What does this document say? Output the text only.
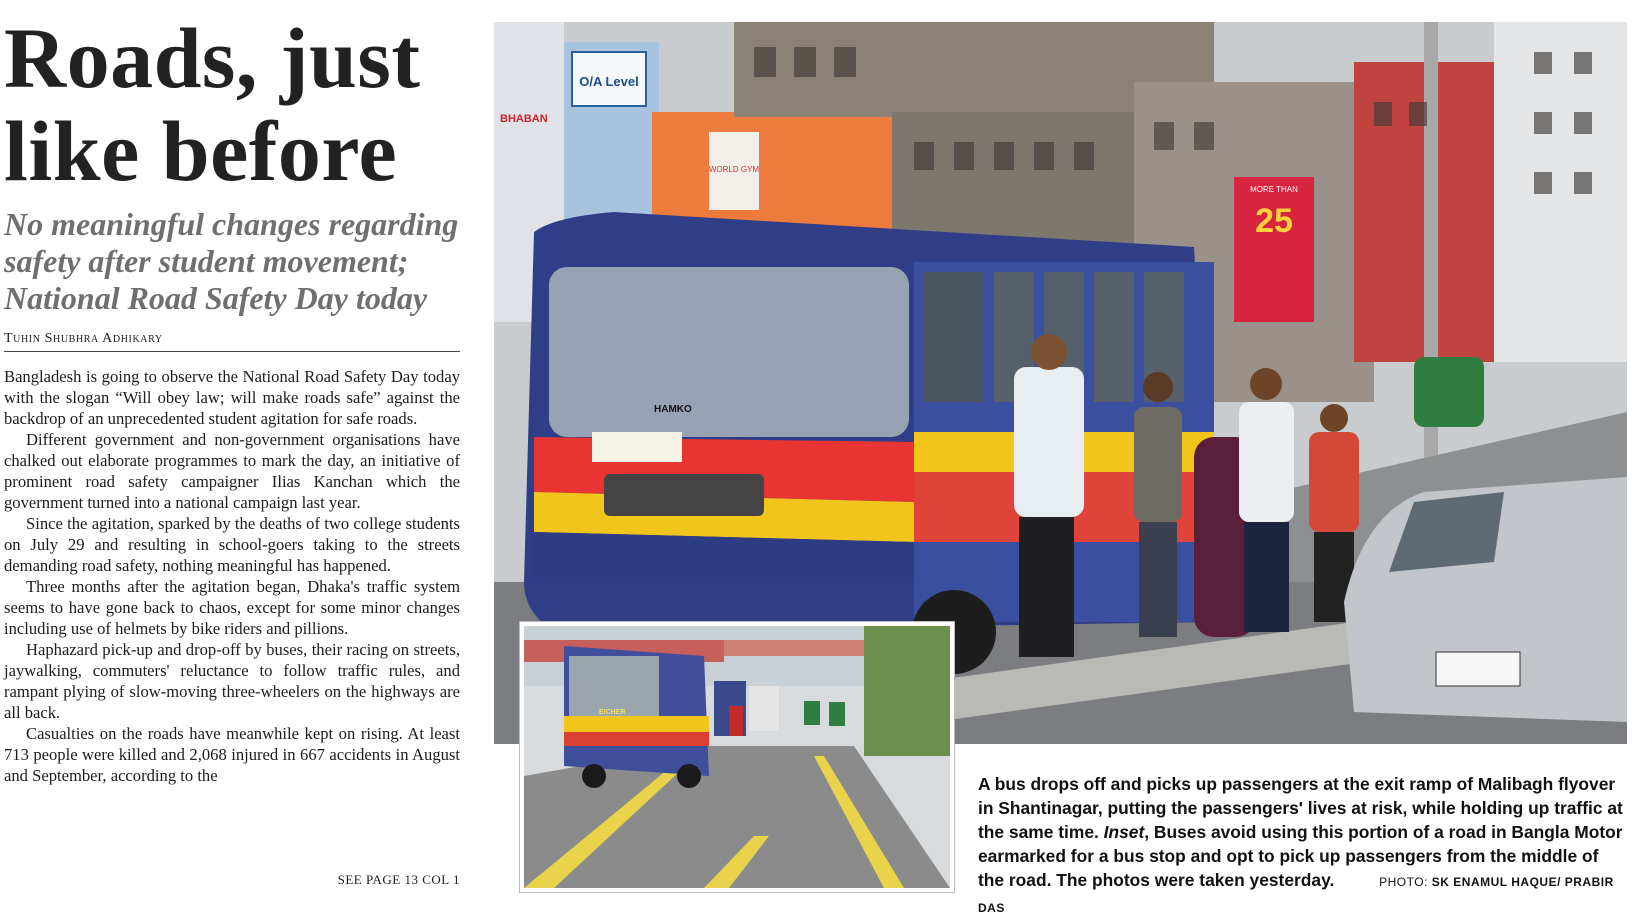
Roads, just like before
No meaningful changes regarding safety after student movement; National Road Safety Day today
Tuhin Shubhra Adhikary

Bangladesh is going to observe the National Road Safety Day today with the slogan “Will obey law; will make roads safe” against the backdrop of an unprecedented student agitation for safe roads.

Different government and non-government organisations have chalked out elaborate programmes to mark the day, an initiative of prominent road safety campaigner Ilias Kanchan which the government turned into a national campaign last year.

Since the agitation, sparked by the deaths of two college students on July 29 and resulting in school-goers taking to the streets demanding road safety, nothing meaningful has happened.

Three months after the agitation began, Dhaka's traffic system seems to have gone back to chaos, except for some minor changes including use of helmets by bike riders and pillions.

Haphazard pick-up and drop-off by buses, their racing on streets, jaywalking, commuters' reluctance to follow traffic rules, and rampant plying of slow-moving three-wheelers on the highways are all back.

Casualties on the roads have meanwhile kept on rising. At least 713 people were killed and 2,068 injured in 667 accidents in August and September, according to the

SEE PAGE 13 COL 1
O/A Level
BHABAN
WORLD GYM
MORE THAN
25
HAMKO
EICHER
A bus drops off and picks up passengers at the exit ramp of Malibagh flyover in Shantinagar, putting the passengers' lives at risk, while holding up traffic at the same time. Inset, Buses avoid using this portion of a road in Bangla Motor earmarked for a bus stop and opt to pick up passengers from the middle of the road. The photos were taken yesterday.	PHOTO: SK ENAMUL HAQUE/ PRABIR DAS
